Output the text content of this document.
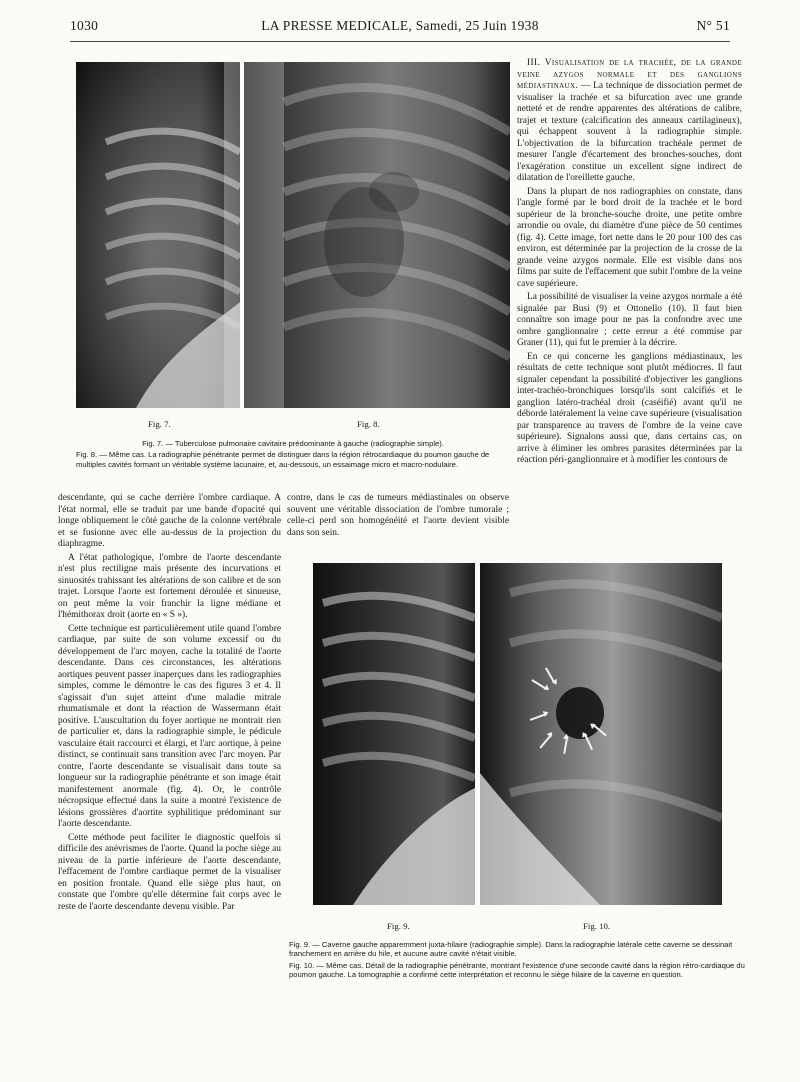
1030	LA PRESSE MEDICALE, Samedi, 25 Juin 1938	N° 51
Fig. 7.	Fig. 8.

Fig. 7. — Tuberculose pulmonaire cavitaire prédominante à gauche (radiographie simple).

Fig. 8. — Même cas. La radiographie pénétrante permet de distinguer dans la région rétrocardiaque du poumon gauche de multiples cavités formant un véritable système lacunaire, et, au-dessous, un essaimage micro et macro-nodulaire.

III. Visualisation de la trachée, de la grande veine azygos normale et des ganglions médiastinaux. — La technique de dissociation permet de visualiser la trachée et sa bifurcation avec une grande netteté et de rendre apparentes des altérations de calibre, trajet et texture (calcification des anneaux cartilagineux), qui échappent souvent à la radiographie simple. L'objectivation de la bifurcation trachéale permet de mesurer l'angle d'écartement des bronches-souches, dont l'exagération constitue un excellent signe indirect de dilatation de l'oreillette gauche.

Dans la plupart de nos radiographies on constate, dans l'angle formé par le bord droit de la trachée et le bord supérieur de la bronche-souche droite, une petite ombre arrondie ou ovale, du diamètre d'une pièce de 50 centimes (fig. 4). Cette image, fort nette dans le 20 pour 100 des cas environ, est déterminée par la projection de la crosse de la grande veine azygos normale. Elle est visible dans nos films par suite de l'effacement que subit l'ombre de la veine cave supérieure.

La possibilité de visualiser la veine azygos normale a été signalée par Busi (9) et Ottonello (10). Il faut bien connaître son image pour ne pas la confondre avec une ombre ganglionnaire ; cette erreur a été commise par Graner (11), qui fut le premier à la décrire.

En ce qui concerne les ganglions médiastinaux, les résultats de cette technique sont plutôt médiocres. Il faut signaler cependant la possibilité d'objectiver les ganglions inter-trachéo-bronchiques lorsqu'ils sont calcifiés et le ganglion latéro-trachéal droit (caséifié) avant qu'il ne déborde latéralement la veine cave supérieure (visualisation par transparence au travers de l'ombre de la veine cave supérieure). Signalons aussi que, dans certains cas, on arrive à éliminer les ombres parasites déterminées par la réaction péri-ganglionnaire et à modifier les contours de

descendante, qui se cache derrière l'ombre cardiaque. A l'état normal, elle se traduit par une bande d'opacité qui longe obliquement le côté gauche de la colonne vertébrale et se fusionne avec elle au-dessus de la projection du diaphragme.

A l'état pathologique, l'ombre de l'aorte descendante n'est plus rectiligne mais présente des incurvations et sinuosités trahissant les altérations de son calibre et de son trajet. Lorsque l'aorte est fortement déroulée et sinueuse, on peut même la voir franchir la ligne médiane et l'hémithorax droit (aorte en « S »).

Cette technique est particulièrement utile quand l'ombre cardiaque, par suite de son volume excessif ou du développement de l'arc moyen, cache la totalité de l'aorte descendante. Dans ces circonstances, les altérations aortiques peuvent passer inaperçues dans les radiographies simples, comme le démontre le cas des figures 3 et 4. Il s'agissait d'un sujet atteint d'une maladie mitrale rhumatismale et dont la réaction de Wassermann était positive. L'auscultation du foyer aortique ne montrait rien de particulier et, dans la radiographie simple, le pédicule vasculaire était raccourci et élargi, et l'arc aortique, à peine distinct, se continuait sans transition avec l'arc moyen. Par contre, l'aorte descendante se visualisait dans toute sa longueur sur la radiographie pénétrante et son image était manifestement anormale (fig. 4). Or, le contrôle nécropsique effectué dans la suite a montré l'existence de lésions grossières d'aortite syphilitique prédominant sur l'aorte descendante.

Cette méthode peut faciliter le diagnostic quelfois si difficile des anévrismes de l'aorte. Quand la poche siège au niveau de la partie inférieure de l'aorte descendante, l'effacement de l'ombre cardiaque permet de la visualiser en position frontale. Quand elle siège plus haut, on constate que l'ombre qu'elle détermine fait corps avec le reste de l'aorte descendante devenu visible. Par

contre, dans le cas de tumeurs médiastinales on observe souvent une véritable dissociation de l'ombre tumorale ; celle-ci perd son homogénéité et l'aorte devient visible dans son sein.

Fig. 9.	Fig. 10.

Fig. 9. — Caverne gauche apparemment juxta-hilaire (radiographie simple). Dans la radiographie latérale cette caverne se dessinait franchement en arrière du hile, et aucune autre cavité n'était visible.

Fig. 10. — Même cas. Détail de la radiographie pénétrante, montrant l'existence d'une seconde cavité dans la région rétro-cardiaque du poumon gauche. La tomographie a confirmé cette interprétation et reconnu le siège hilaire de la caverne en question.
